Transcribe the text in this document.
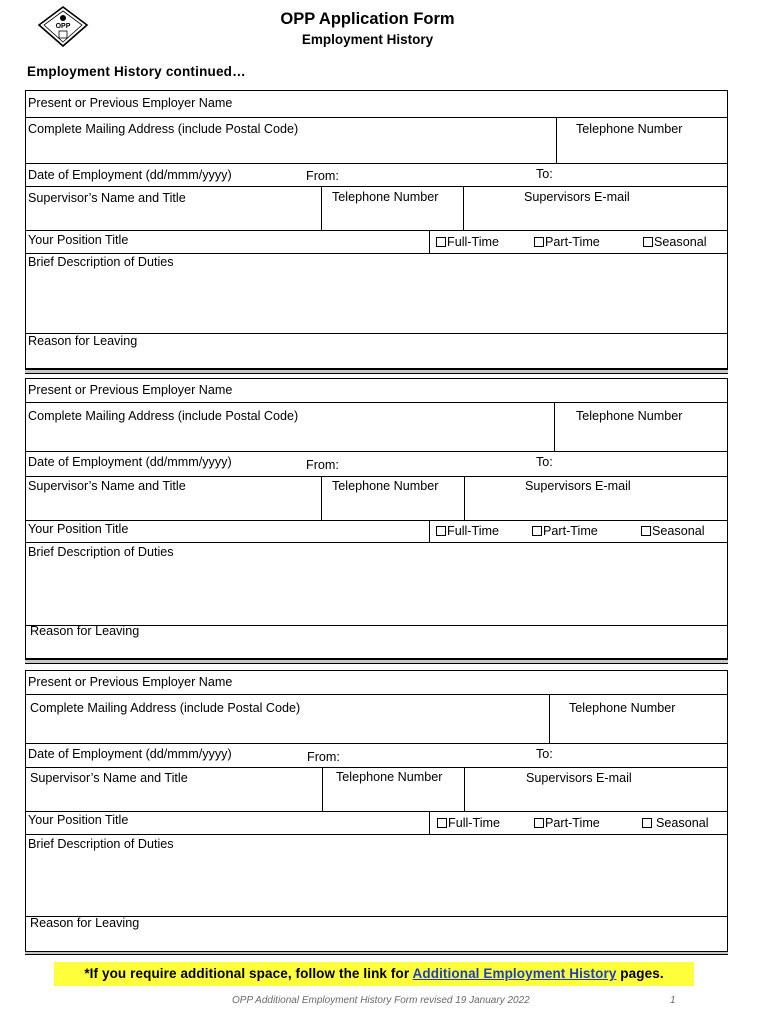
OPP	OPP Application Form
Employment History
Employment History continued…
Present or Previous Employer Name
Complete Mailing Address (include Postal Code)	Telephone Number
Date of Employment (dd/mmm/yyyy)	From:	To:
Supervisor’s Name and Title	Telephone Number	Supervisors E-mail
Your Position Title	Full-Time	Part-Time	Seasonal
Brief Description of Duties
Reason for Leaving
Present or Previous Employer Name
Complete Mailing Address (include Postal Code)	Telephone Number
Date of Employment (dd/mmm/yyyy)	From:	To:
Supervisor’s Name and Title	Telephone Number	Supervisors E-mail
Your Position Title	Full-Time	Part-Time	Seasonal
Brief Description of Duties
Reason for Leaving
Present or Previous Employer Name
Complete Mailing Address (include Postal Code)	Telephone Number
Date of Employment (dd/mmm/yyyy)	From:	To:
Supervisor’s Name and Title	Telephone Number	Supervisors E-mail
Your Position Title	Full-Time	Part-Time	Seasonal
Brief Description of Duties
Reason for Leaving
*If you require additional space, follow the link for Additional Employment History pages.
OPP Additional Employment History Form revised 19 January 2022	1
